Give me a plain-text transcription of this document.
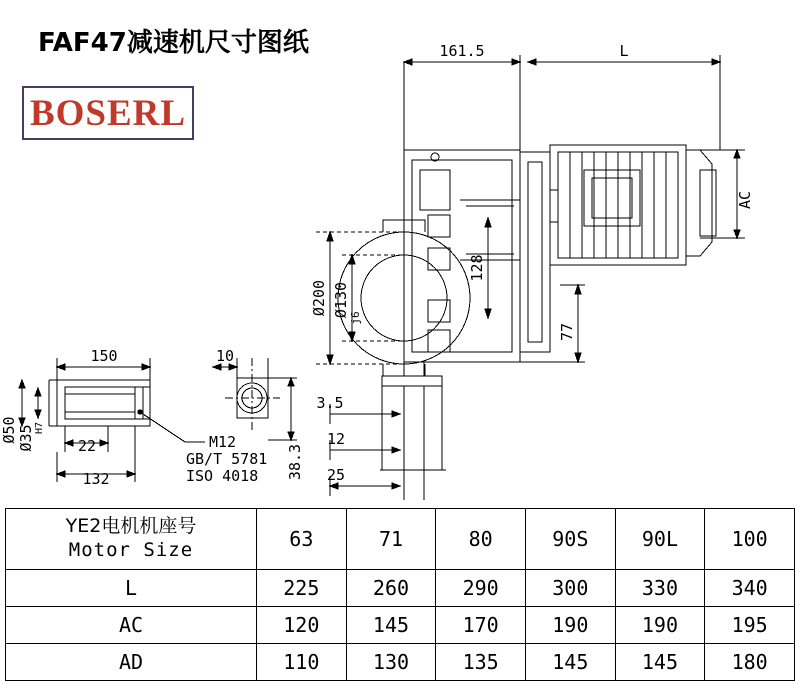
FAF47减速机尺寸图纸
BOSERL
161.5	L
AC
128
77
Ø200 Ø130 j6
3.5
12
25
150	10
22
132	38.3
Ø50 Ø35 H7
M12
GB/T 5781
ISO 4018
YE2电机机座号
Motor Size	63	71	80	90S	90L	100
L	225	260	290	300	330	340
AC	120	145	170	190	190	195
AD	110	130	135	145	145	180
